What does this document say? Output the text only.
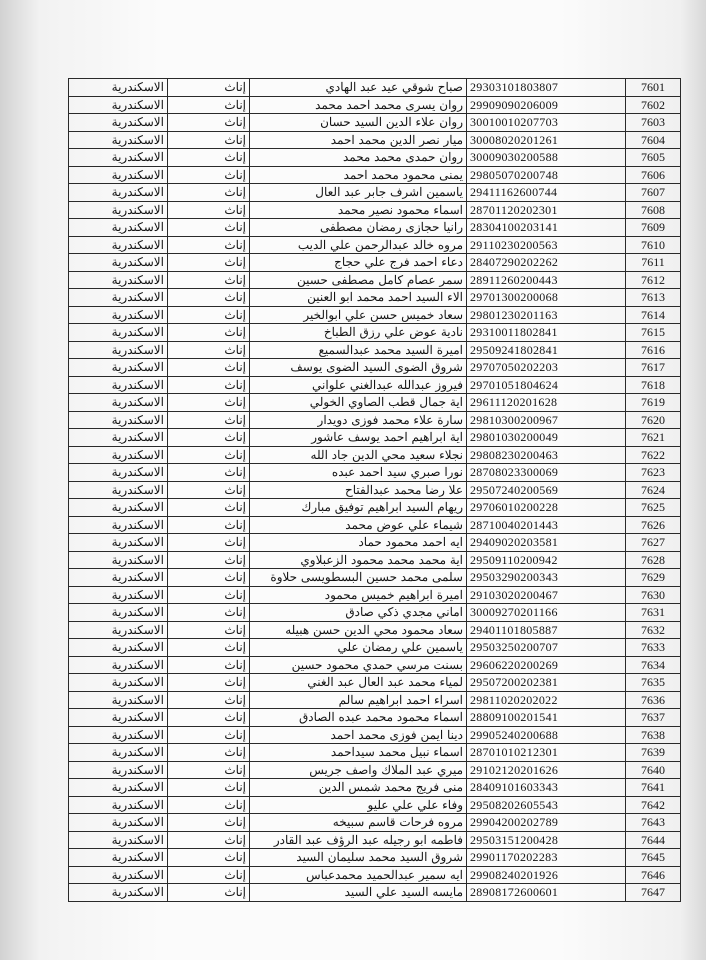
7601	29303101803807	صباح شوقي عيد عبد الهادي	إناث	الاسكندرية
7602	29909090206009	روان يسرى محمد احمد محمد	إناث	الاسكندرية
7603	30010010207703	روان علاء الدين السيد حسان	إناث	الاسكندرية
7604	30008020201261	ميار نصر الدين محمد احمد	إناث	الاسكندرية
7605	30009030200588	روان حمدى محمد محمد	إناث	الاسكندرية
7606	29805070200748	يمنى محمود محمد احمد	إناث	الاسكندرية
7607	29411162600744	ياسمين اشرف جابر عبد العال	إناث	الاسكندرية
7608	28701120202301	اسماء محمود نصير محمد	إناث	الاسكندرية
7609	28304100203141	رانيا حجازى رمضان مصطفى	إناث	الاسكندرية
7610	29110230200563	مروه خالد عبدالرحمن علي الديب	إناث	الاسكندرية
7611	28407290202262	دعاء احمد فرج علي حجاج	إناث	الاسكندرية
7612	28911260200443	سمر عصام كامل مصطفى حسين	إناث	الاسكندرية
7613	29701300200068	الاء السيد احمد محمد ابو العنين	إناث	الاسكندرية
7614	29801230201163	سعاد خميس حسن علي ابوالخير	إناث	الاسكندرية
7615	29310011802841	نادية عوض علي رزق الطباخ	إناث	الاسكندرية
7616	29509241802841	اميرة السيد محمد عبدالسميع	إناث	الاسكندرية
7617	29707050202203	شروق الضوى السيد الضوى يوسف	إناث	الاسكندرية
7618	29701051804624	فيروز عبدالله عبدالغني علواني	إناث	الاسكندرية
7619	29611120201628	اية جمال قطب الصاوي الخولي	إناث	الاسكندرية
7620	29810300200967	سارة علاء محمد فوزى دويدار	إناث	الاسكندرية
7621	29801030200049	اية ابراهيم احمد يوسف عاشور	إناث	الاسكندرية
7622	29808230200463	نجلاء سعيد محي الدين جاد الله	إناث	الاسكندرية
7623	28708023300069	نورا صبري سيد احمد عبده	إناث	الاسكندرية
7624	29507240200569	علا رضا محمد عبدالفتاح	إناث	الاسكندرية
7625	29706010200228	ريهام السيد ابراهيم توفيق مبارك	إناث	الاسكندرية
7626	28710040201443	شيماء علي عوض محمد	إناث	الاسكندرية
7627	29409020203581	ايه احمد محمود حماد	إناث	الاسكندرية
7628	29509110200942	اية محمد محمد محمود الزعبلاوي	إناث	الاسكندرية
7629	29503290200343	سلمى محمد حسين البسطويسى حلاوة	إناث	الاسكندرية
7630	29103020200467	اميرة ابراهيم خميس محمود	إناث	الاسكندرية
7631	30009270201166	اماني مجدي ذكي صادق	إناث	الاسكندرية
7632	29401101805887	سعاد محمود محي الدين حسن هبيله	إناث	الاسكندرية
7633	29503250200707	ياسمين علي رمضان علي	إناث	الاسكندرية
7634	29606220200269	بسنت مرسي حمدي محمود حسين	إناث	الاسكندرية
7635	29507200202381	لمياء محمد عبد العال عبد الغني	إناث	الاسكندرية
7636	29811020202022	اسراء احمد ابراهيم سالم	إناث	الاسكندرية
7637	28809100201541	اسماء محمود محمد عبده الصادق	إناث	الاسكندرية
7638	29905240200688	دينا ايمن فوزى محمد احمد	إناث	الاسكندرية
7639	28701010212301	اسماء نبيل محمد سيداحمد	إناث	الاسكندرية
7640	29102120201626	ميري عبد الملاك واصف جريس	إناث	الاسكندرية
7641	28409101603343	منى فريج محمد شمس الدين	إناث	الاسكندرية
7642	29508202605543	وفاء علي علي عليو	إناث	الاسكندرية
7643	29904200202789	مروه فرحات قاسم سبيخه	إناث	الاسكندرية
7644	29503151200428	فاطمه ابو رجيله عبد الرؤف عبد القادر	إناث	الاسكندرية
7645	29901170202283	شروق السيد محمد سليمان السيد	إناث	الاسكندرية
7646	29908240201926	ايه سمير عبدالحميد محمدعباس	إناث	الاسكندرية
7647	28908172600601	مايسه السيد علي السيد	إناث	الاسكندرية
